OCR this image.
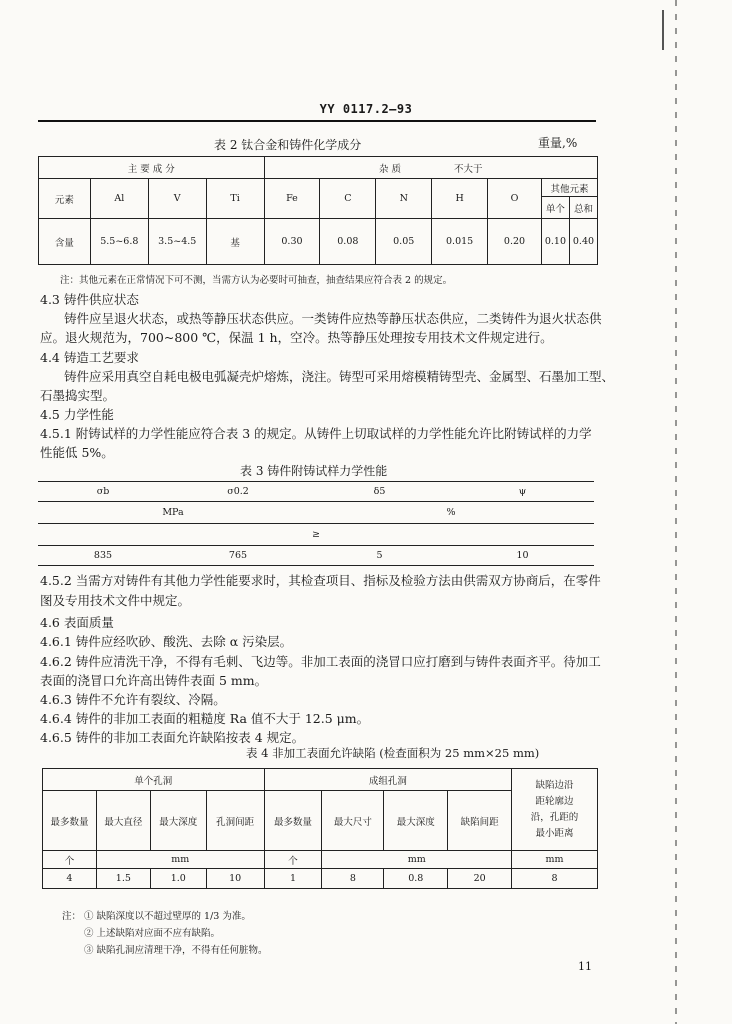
YY 0117.2—93
表 2 钛合金和铸件化学成分	重量,%
主 要 成 分				杂 质 不大于						
元素	Al	V	Ti	Fe	C	N	H	O	其他元素	
									单个	总和
含量	5.5~6.8	3.5~4.5	基	0.30	0.08	0.05	0.015	0.20	0.10	0.40
注：其他元素在正常情况下可不测，当需方认为必要时可抽查，抽查结果应符合表 2 的规定。
4.3 铸件供应状态
铸件应呈退火状态，或热等静压状态供应。一类铸件应热等静压状态供应，二类铸件为退火状态供
应。退火规范为，700~800 ℃，保温 1 h，空冷。热等静压处理按专用技术文件规定进行。
4.4 铸造工艺要求
铸件应采用真空自耗电极电弧凝壳炉熔炼，浇注。铸型可采用熔模精铸型壳、金属型、石墨加工型、
石墨捣实型。
4.5 力学性能
4.5.1 附铸试样的力学性能应符合表 3 的规定。从铸件上切取试样的力学性能允许比附铸试样的力学
性能低 5%。
表 3 铸件附铸试样力学性能
σb	σ0.2	δ5	ψ
MPa		%	
≥			
835	765	5	10
4.5.2 当需方对铸件有其他力学性能要求时，其检查项目、指标及检验方法由供需双方协商后，在零件
图及专用技术文件中规定。
4.6 表面质量
4.6.1 铸件应经吹砂、酸洗、去除 α 污染层。
4.6.2 铸件应清洗干净，不得有毛刺、飞边等。非加工表面的浇冒口应打磨到与铸件表面齐平。待加工
表面的浇冒口允许高出铸件表面 5 mm。
4.6.3 铸件不允许有裂纹、冷隔。
4.6.4 铸件的非加工表面的粗糙度 Ra 值不大于 12.5 μm。
4.6.5 铸件的非加工表面允许缺陷按表 4 规定。
表 4 非加工表面允许缺陷 (检查面积为 25 mm×25 mm)
单个孔洞				成组孔洞				缺陷边沿
距轮廓边
沿，孔距的
最小距离

最多数量	最大直径	最大深度	孔洞间距	最多数量	最大尺寸	最大深度	缺陷间距	
个	mm			个	mm			mm
4	1.5	1.0	10	1	8	0.8	20	8
注： ① 缺陷深度以不超过壁厚的 1/3 为准。
② 上述缺陷对应面不应有缺陷。
③ 缺陷孔洞应清理干净，不得有任何脏物。
11
